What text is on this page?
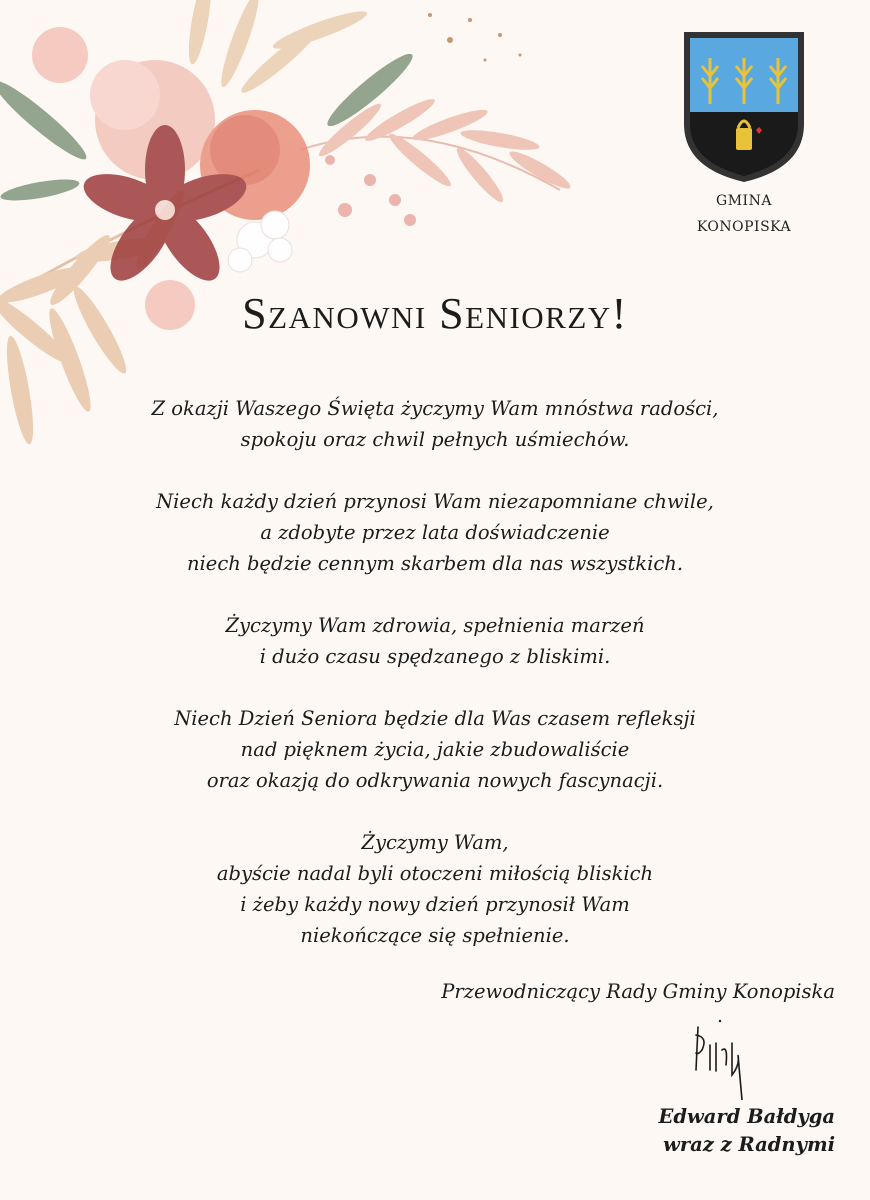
GMINA
KONOPISKA
Szanowni Seniorzy!

Z okazji Waszego Święta życzymy Wam mnóstwa radości,
spokoju oraz chwil pełnych uśmiechów.

Niech każdy dzień przynosi Wam niezapomniane chwile,
a zdobyte przez lata doświadczenie
niech będzie cennym skarbem dla nas wszystkich.

Życzymy Wam zdrowia, spełnienia marzeń
i dużo czasu spędzanego z bliskimi.

Niech Dzień Seniora będzie dla Was czasem refleksji
nad pięknem życia, jakie zbudowaliście
oraz okazją do odkrywania nowych fascynacji.

Życzymy Wam,
abyście nadal byli otoczeni miłością bliskich
i żeby każdy nowy dzień przynosił Wam
niekończące się spełnienie.

Przewodniczący Rady Gminy Konopiska
Edward Bałdyga
wraz z Radnymi
